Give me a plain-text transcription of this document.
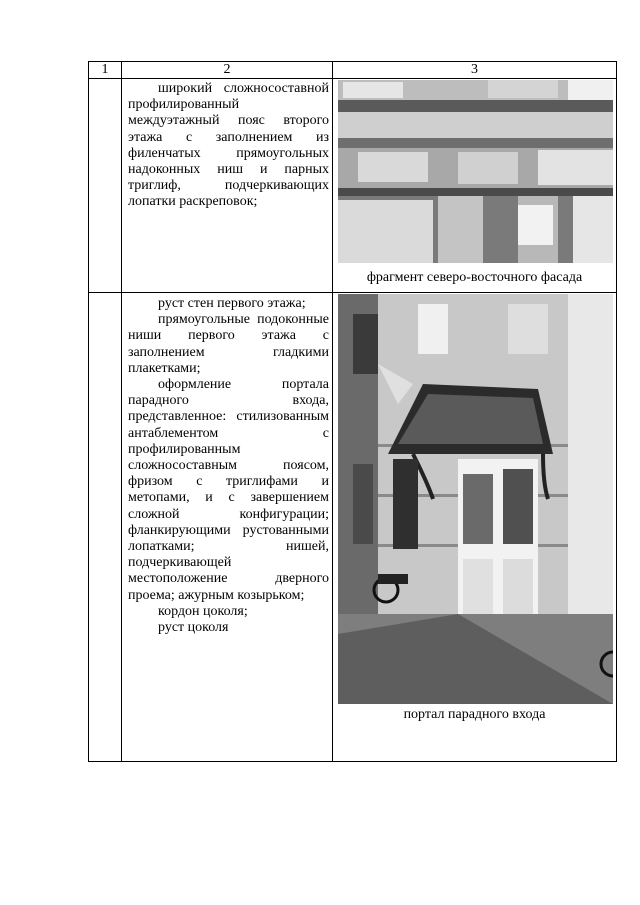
1	2	3

широкий сложносоставной профилированный междуэтажный пояс второго этажа с заполнением из филенчатых прямоугольных надоконных ниш и парных триглиф, подчеркивающих лопатки раскреповок;

фрагмент северо-восточного фасада

руст стен первого этажа;

прямоугольные подоконные ниши первого этажа с заполнением гладкими плакетками;

оформление портала парадного входа, представленное: стилизованным антаблементом с профилированным сложносоставным поясом, фризом с триглифами и метопами, и с завершением сложной конфигурации; фланкирующими рустованными лопатками; нишей, подчеркивающей местоположение дверного проема; ажурным козырьком;

кордон цоколя;

руст цоколя

портал парадного входа
